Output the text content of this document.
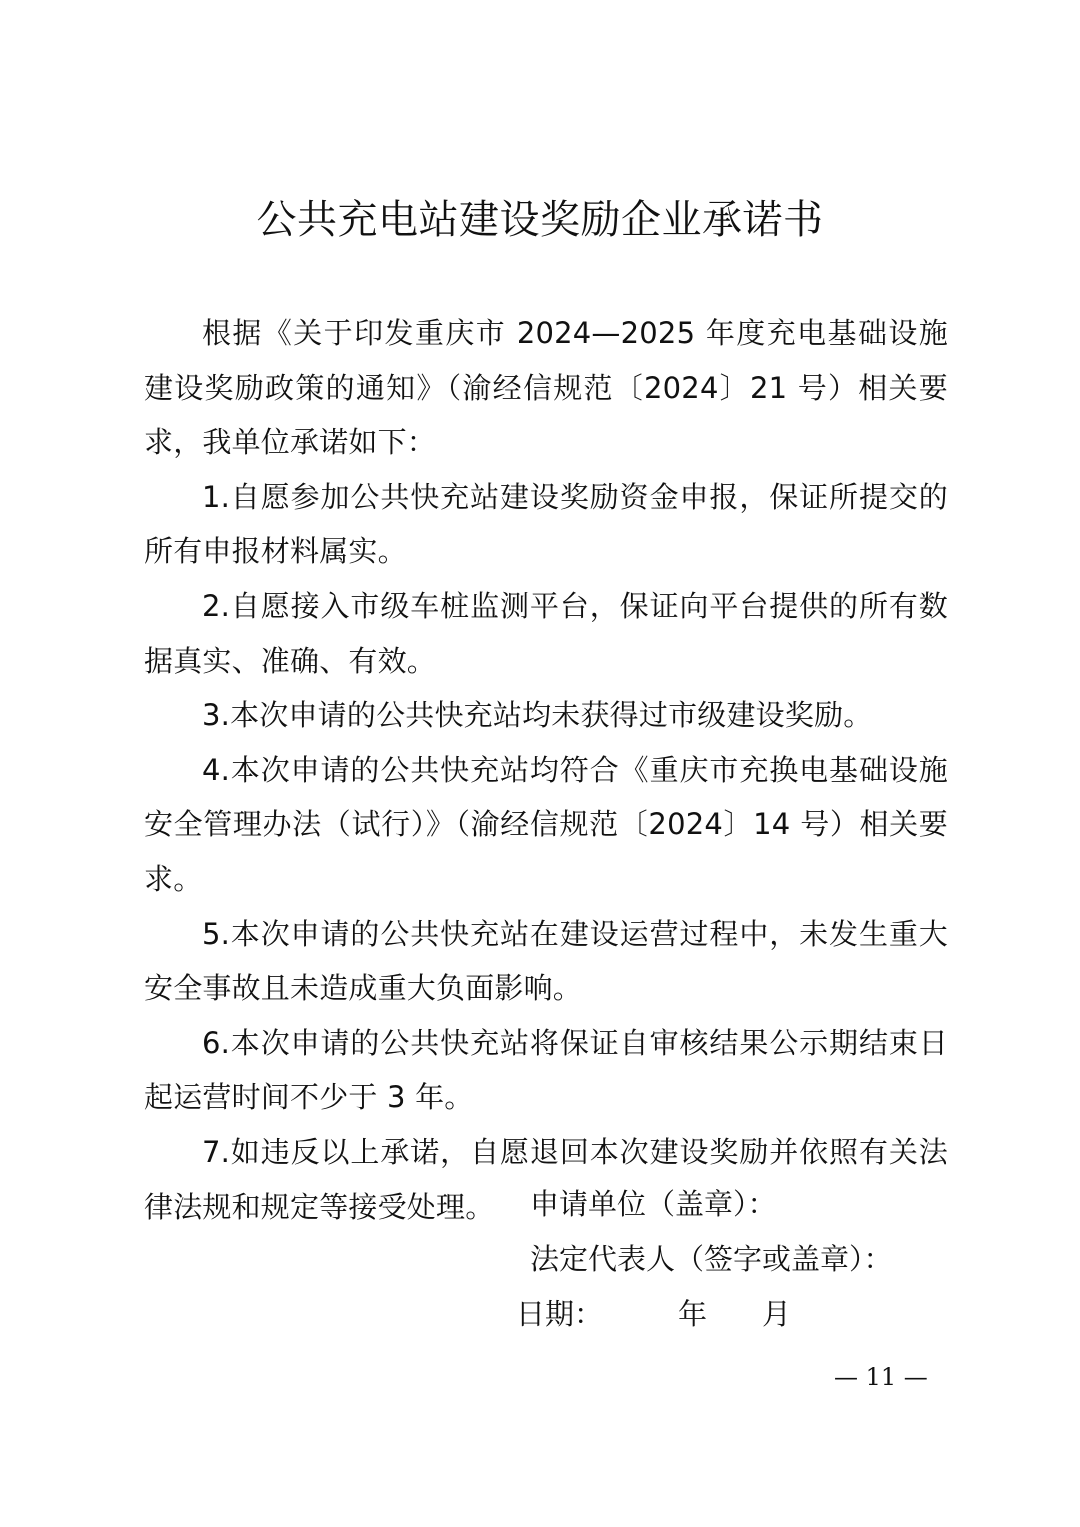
公共充电站建设奖励企业承诺书

根据《关于印发重庆市 2024—2025 年度充电基础设施建设奖励政策的通知》（渝经信规范〔2024〕21 号）相关要求，我单位承诺如下：

1.自愿参加公共快充站建设奖励资金申报，保证所提交的所有申报材料属实。

2.自愿接入市级车桩监测平台，保证向平台提供的所有数据真实、准确、有效。

3.本次申请的公共快充站均未获得过市级建设奖励。

4.本次申请的公共快充站均符合《重庆市充换电基础设施安全管理办法（试行）》（渝经信规范〔2024〕14 号）相关要求。

5.本次申请的公共快充站在建设运营过程中，未发生重大安全事故且未造成重大负面影响。

6.本次申请的公共快充站将保证自审核结果公示期结束日起运营时间不少于 3 年。

7.如违反以上承诺，自愿退回本次建设奖励并依照有关法律法规和规定等接受处理。	申请单位（盖章）：
法定代表人（签字或盖章）：
日期：	年 月
— 11 —
